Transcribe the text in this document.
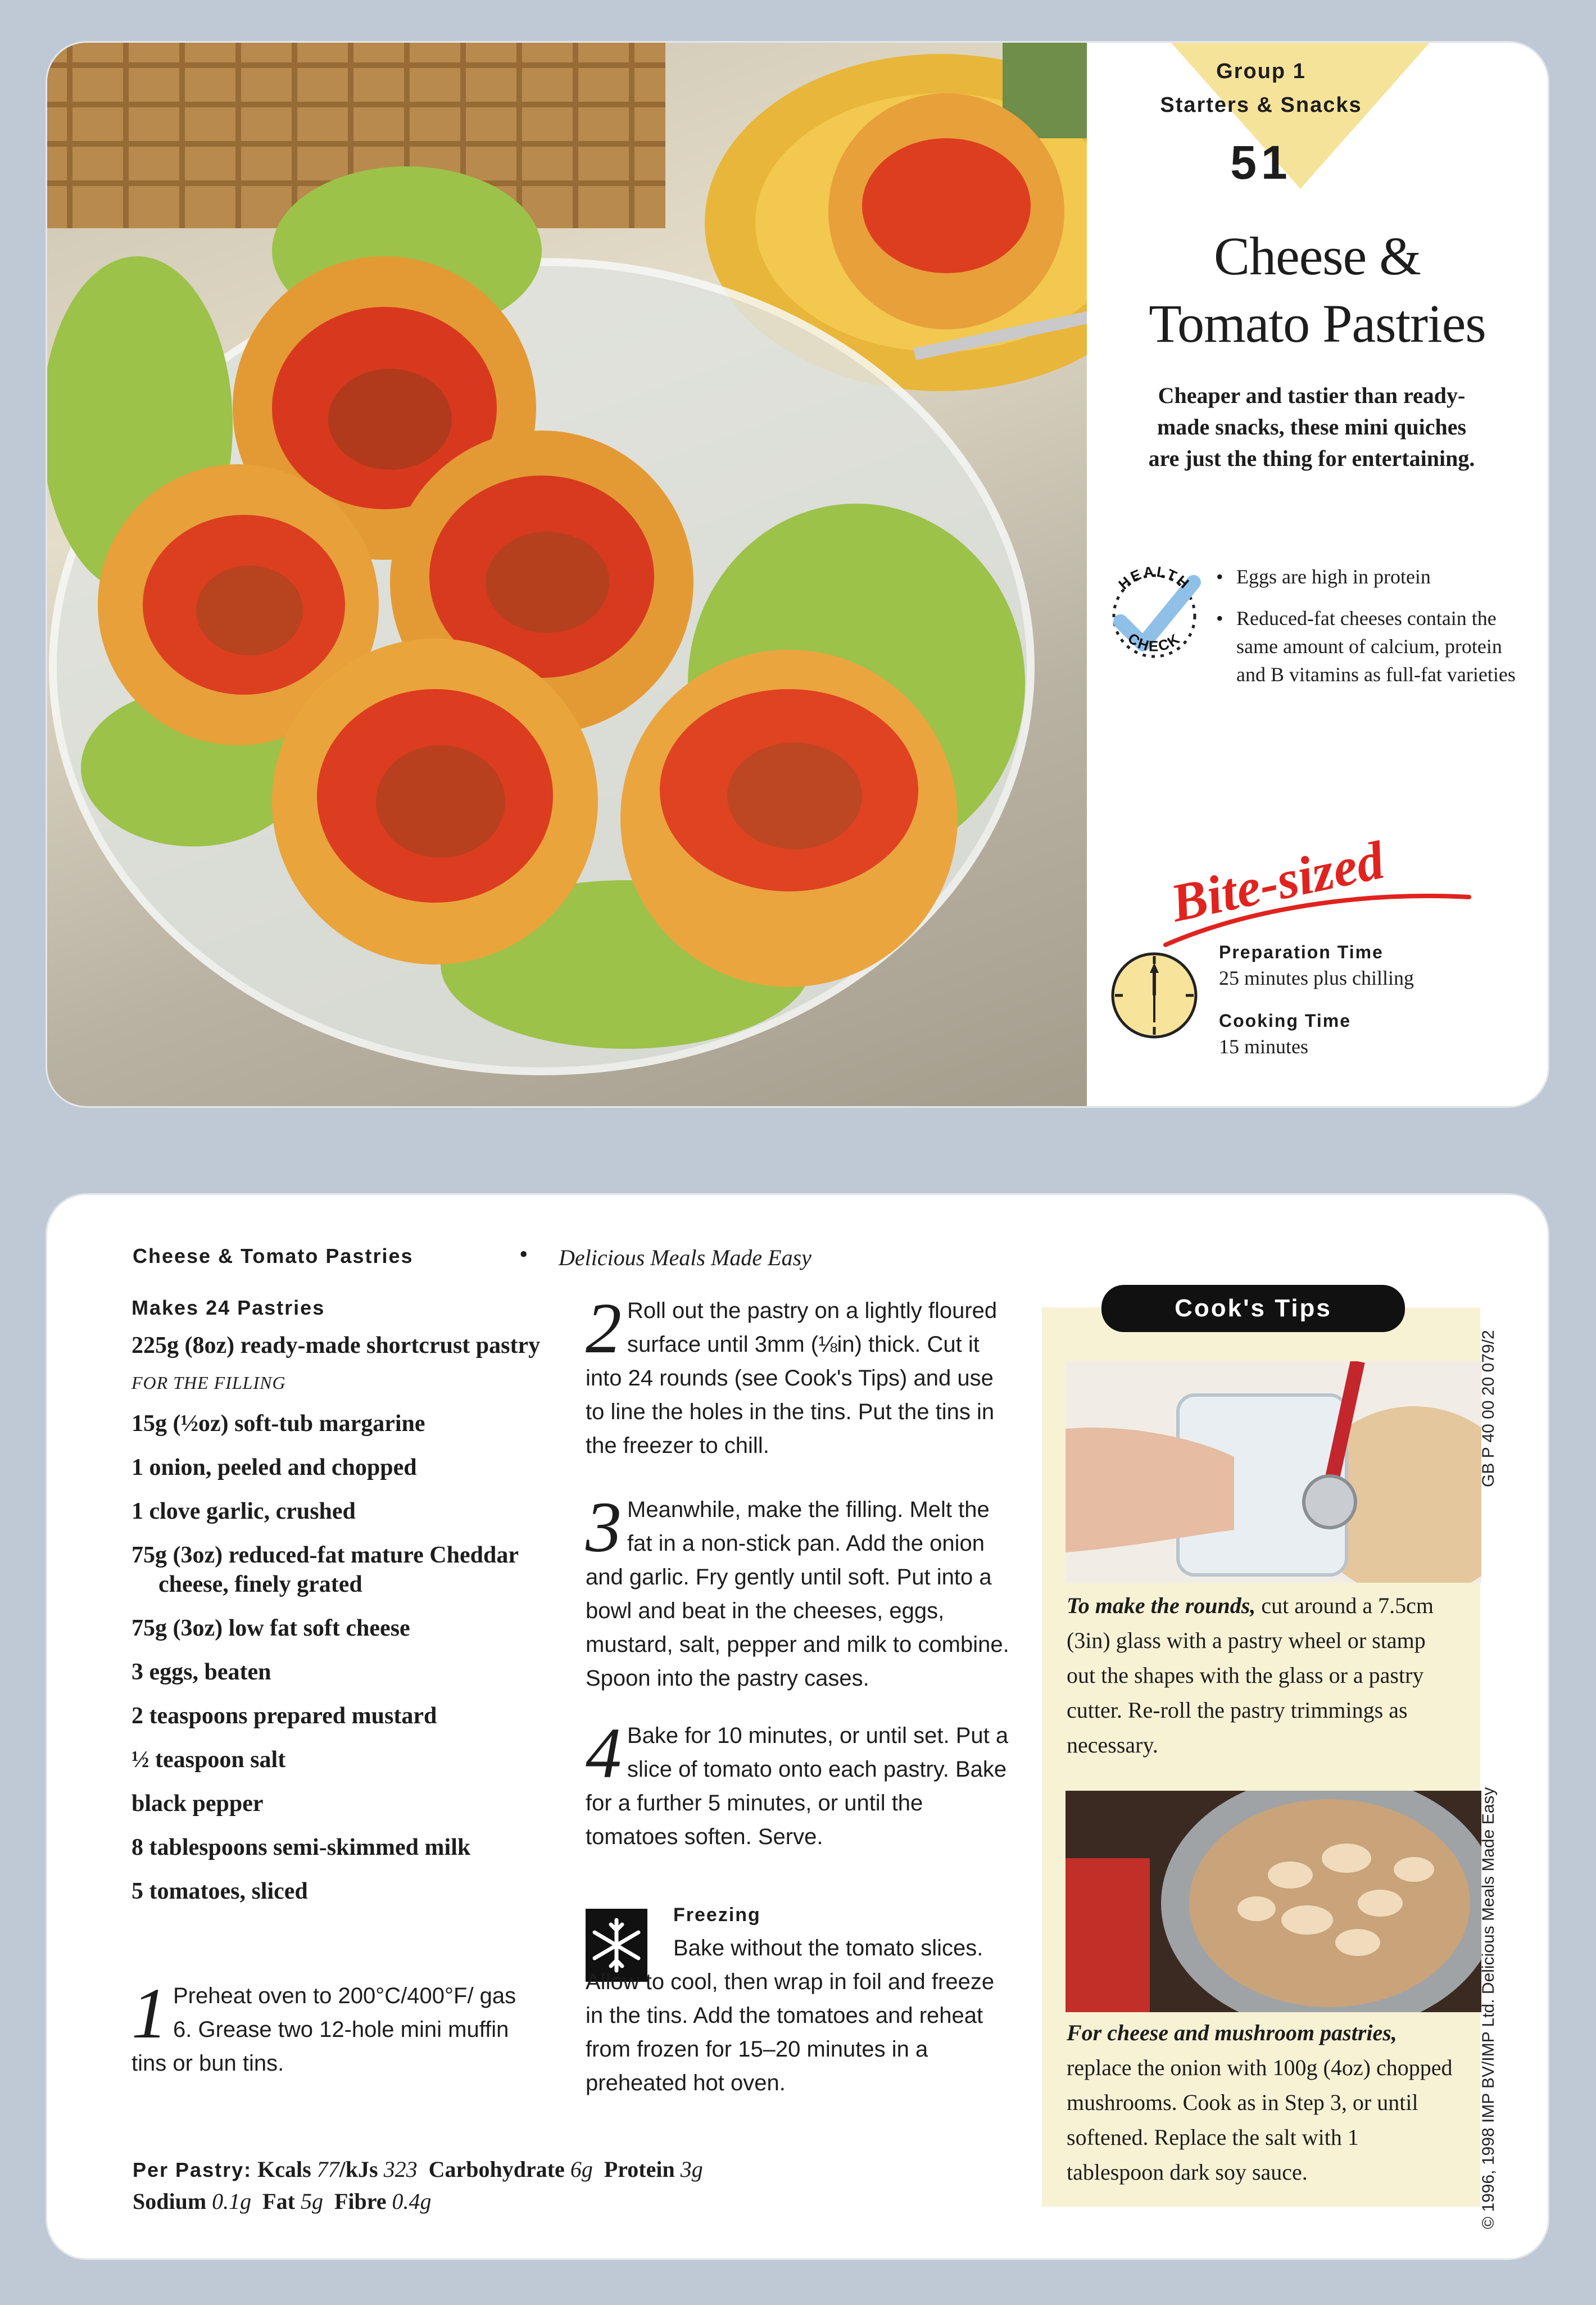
Group 1
Starters & Snacks
51
Cheese &
Tomato Pastries
Cheaper and tastier than ready-made snacks, these mini quiches are just the thing for entertaining.
HEALTH
CHECK
• Eggs are high in protein
• Reduced-fat cheeses contain the same amount of calcium, protein and B vitamins as full-fat varieties
Bite-sized
Preparation Time
25 minutes plus chilling
Cooking Time
15 minutes
Cheese & Tomato Pastries	• Delicious Meals Made Easy
Makes 24 Pastries
225g (8oz) ready-made shortcrust pastry
FOR THE FILLING
15g (½oz) soft-tub margarine
1 onion, peeled and chopped
1 clove garlic, crushed
75g (3oz) reduced-fat mature Cheddar cheese, finely grated
75g (3oz) low fat soft cheese
3 eggs, beaten
2 teaspoons prepared mustard
½ teaspoon salt
black pepper
8 tablespoons semi-skimmed milk
5 tomatoes, sliced
1 Preheat oven to 200°C/400°F/ gas 6. Grease two 12-hole mini muffin tins or bun tins.
2 Roll out the pastry on a lightly floured surface until 3mm (⅛in) thick. Cut it into 24 rounds (see Cook's Tips) and use to line the holes in the tins. Put the tins in the freezer to chill.
3 Meanwhile, make the filling. Melt the fat in a non-stick pan. Add the onion and garlic. Fry gently until soft. Put into a bowl and beat in the cheeses, eggs, mustard, salt, pepper and milk to combine. Spoon into the pastry cases.
4 Bake for 10 minutes, or until set. Put a slice of tomato onto each pastry. Bake for a further 5 minutes, or until the tomatoes soften. Serve.
Freezing
Bake without the tomato slices. Allow to cool, then wrap in foil and freeze in the tins. Add the tomatoes and reheat from frozen for 15–20 minutes in a preheated hot oven.
Per Pastry: Kcals 77/kJs 323 Carbohydrate 6g Protein 3g
Sodium 0.1g Fat 5g Fibre 0.4g
Cook's Tips
To make the rounds, cut around a 7.5cm (3in) glass with a pastry wheel or stamp out the shapes with the glass or a pastry cutter. Re-roll the pastry trimmings as necessary.
For cheese and mushroom pastries, replace the onion with 100g (4oz) chopped mushrooms. Cook as in Step 3, or until softened. Replace the salt with 1 tablespoon dark soy sauce.
GB P 40 00 20 079/2
© 1996, 1998 IMP BV/IMP Ltd. Delicious Meals Made Easy
